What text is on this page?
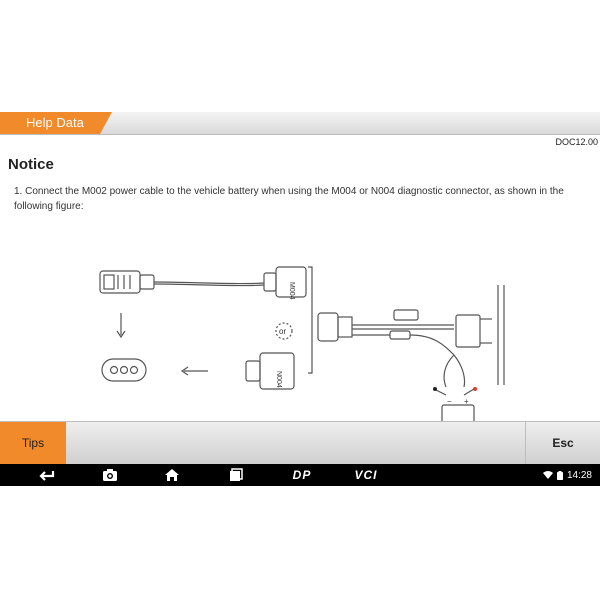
Help Data
DOC12.00
Notice
1. Connect the M002 power cable to the vehicle battery when using the M004 or N004 diagnostic connector, as shown in the following figure:
M004
N004
or
− +
Tips	Esc
DP	VCI	14:28
